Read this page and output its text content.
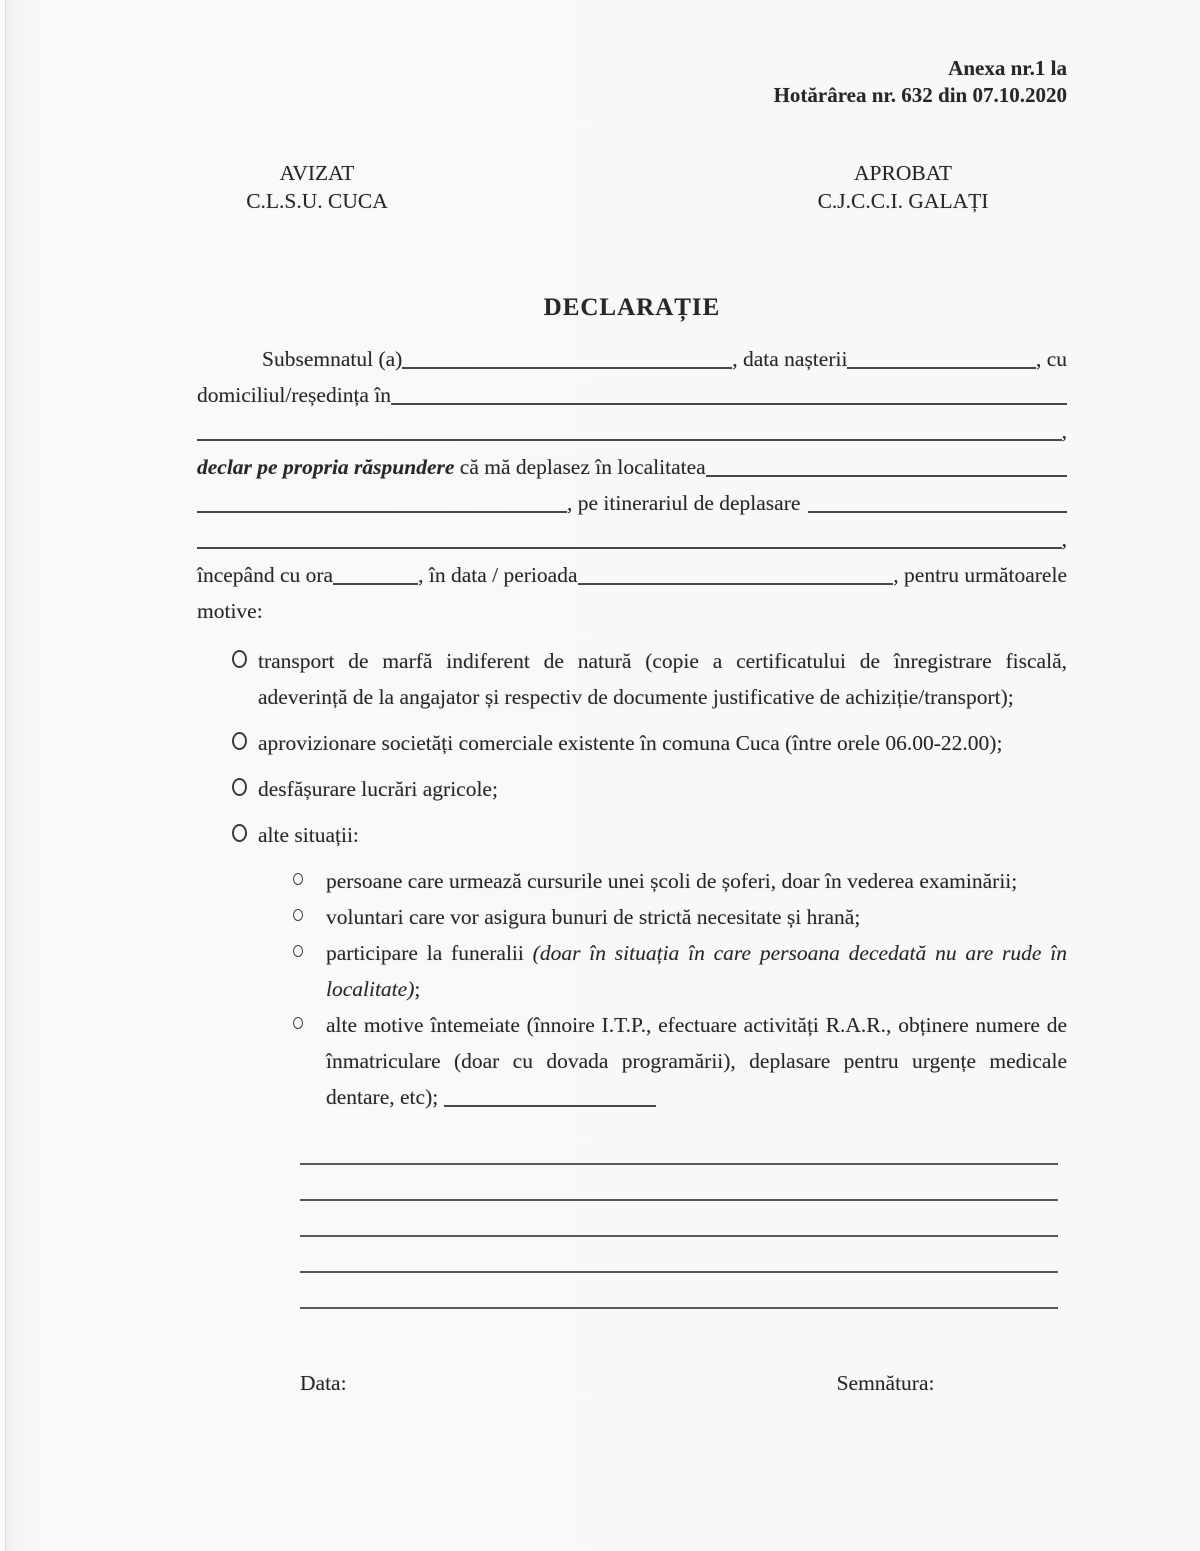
Anexa nr.1 la
Hotărârea nr. 632 din 07.10.2020
AVIZAT
C.L.S.U. CUCA
APROBAT
C.J.C.C.I. GALAȚI
DECLARAȚIE
Subsemnatul (a)	, data nașterii	, cu
domiciliul/reședința în
,
declar pe propria răspundere că mă deplasez în localitatea
, pe itinerariul de deplasare
,
începând cu ora	, în data / perioada	, pentru următoarele
motive:
transport de marfă indiferent de natură (copie a certificatului de înregistrare fiscală, adeverință de la angajator și respectiv de documente justificative de achiziție/transport);
aprovizionare societăți comerciale existente în comuna Cuca (între orele 06.00-22.00);
desfășurare lucrări agricole;
alte situații:
persoane care urmează cursurile unei școli de șoferi, doar în vederea examinării;
voluntari care vor asigura bunuri de strictă necesitate și hrană;
participare la funeralii (doar în situația în care persoana decedată nu are rude în localitate);
alte motive întemeiate (înnoire I.T.P., efectuare activități R.A.R., obținere numere de înmatriculare (doar cu dovada programării), deplasare pentru urgențe medicale dentare, etc);
Data:	Semnătura:
